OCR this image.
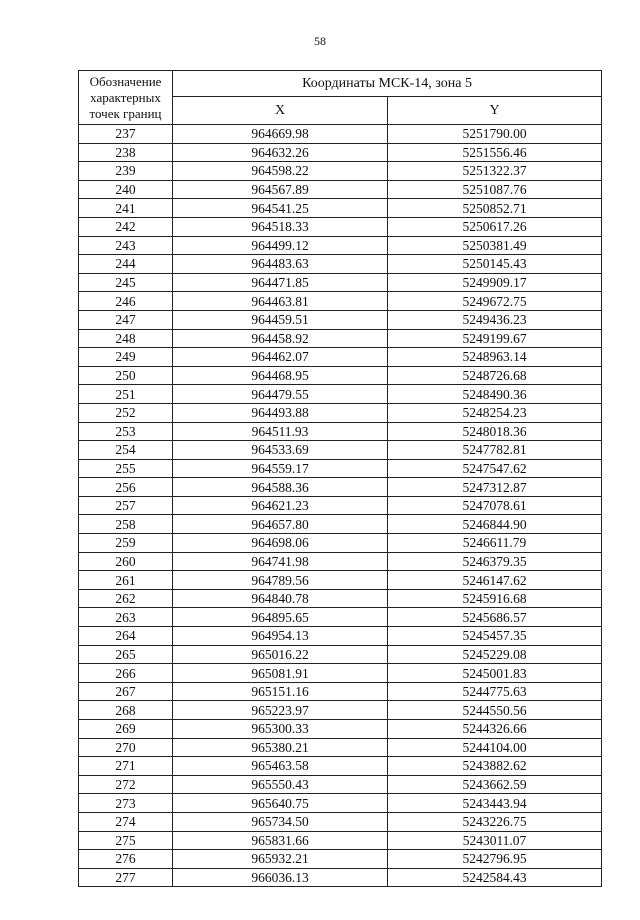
58
Обозначение характерных точек границ	Координаты МСК-14, зона 5	
	X	Y
237	964669.98	5251790.00
238	964632.26	5251556.46
239	964598.22	5251322.37
240	964567.89	5251087.76
241	964541.25	5250852.71
242	964518.33	5250617.26
243	964499.12	5250381.49
244	964483.63	5250145.43
245	964471.85	5249909.17
246	964463.81	5249672.75
247	964459.51	5249436.23
248	964458.92	5249199.67
249	964462.07	5248963.14
250	964468.95	5248726.68
251	964479.55	5248490.36
252	964493.88	5248254.23
253	964511.93	5248018.36
254	964533.69	5247782.81
255	964559.17	5247547.62
256	964588.36	5247312.87
257	964621.23	5247078.61
258	964657.80	5246844.90
259	964698.06	5246611.79
260	964741.98	5246379.35
261	964789.56	5246147.62
262	964840.78	5245916.68
263	964895.65	5245686.57
264	964954.13	5245457.35
265	965016.22	5245229.08
266	965081.91	5245001.83
267	965151.16	5244775.63
268	965223.97	5244550.56
269	965300.33	5244326.66
270	965380.21	5244104.00
271	965463.58	5243882.62
272	965550.43	5243662.59
273	965640.75	5243443.94
274	965734.50	5243226.75
275	965831.66	5243011.07
276	965932.21	5242796.95
277	966036.13	5242584.43
